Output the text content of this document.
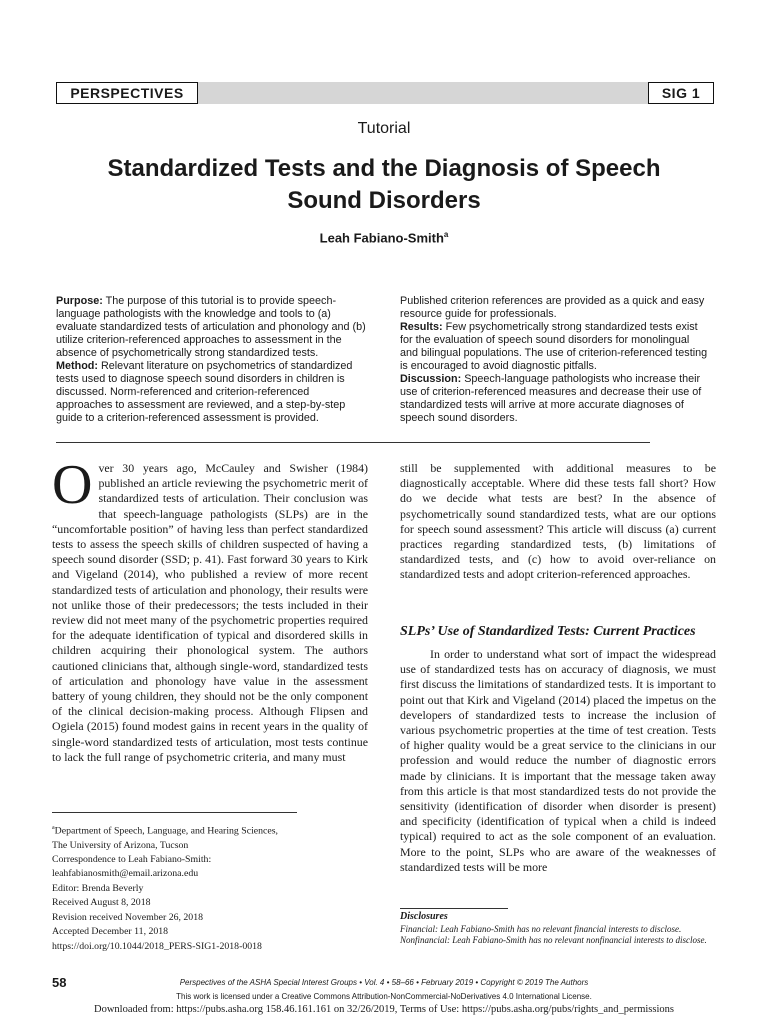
PERSPECTIVES	SIG 1
Tutorial
Standardized Tests and the Diagnosis of Speech Sound Disorders
Leah Fabiano-Smith$^a$

Purpose: The purpose of this tutorial is to provide speech-language pathologists with the knowledge and tools to (a) evaluate standardized tests of articulation and phonology and (b) utilize criterion-referenced approaches to assessment in the absence of psychometrically strong standardized tests.

Method: Relevant literature on psychometrics of standardized tests used to diagnose speech sound disorders in children is discussed. Norm-referenced and criterion-referenced approaches to assessment are reviewed, and a step-by-step guide to a criterion-referenced assessment is provided.

Published criterion references are provided as a quick and easy resource guide for professionals.

Results: Few psychometrically strong standardized tests exist for the evaluation of speech sound disorders for monolingual and bilingual populations. The use of criterion-referenced testing is encouraged to avoid diagnostic pitfalls.

Discussion: Speech-language pathologists who increase their use of criterion-referenced measures and decrease their use of standardized tests will arrive at more accurate diagnoses of speech sound disorders.

Over 30 years ago, McCauley and Swisher (1984) published an article reviewing the psychometric merit of standardized tests of articulation. Their conclusion was that speech-language pathologists (SLPs) are in the “uncomfortable position” of having less than perfect standardized tests to assess the speech skills of children suspected of having a speech sound disorder (SSD; p. 41). Fast forward 30 years to Kirk and Vigeland (2014), who published a review of more recent standardized tests of articulation and phonology, their results were not unlike those of their predecessors; the tests included in their review did not meet many of the psychometric properties required for the adequate identification of typical and disordered skills in children acquiring their phonological system. The authors cautioned clinicians that, although single-word, standardized tests of articulation and phonology have value in the assessment battery of young children, they should not be the only component of the clinical decision-making process. Although Flipsen and Ogiela (2015) found modest gains in recent years in the quality of single-word standardized tests of articulation, most tests continue to lack the full range of psychometric criteria, and many must

still be supplemented with additional measures to be diagnostically acceptable. Where did these tests fall short? How do we decide what tests are best? In the absence of psychometrically sound standardized tests, what are our options for speech sound assessment? This article will discuss (a) current practices regarding standardized tests, (b) limitations of standardized tests, and (c) how to avoid over-reliance on standardized tests and adopt criterion-referenced approaches.

SLPs’ Use of Standardized Tests: Current Practices

In order to understand what sort of impact the widespread use of standardized tests has on accuracy of diagnosis, we must first discuss the limitations of standardized tests. It is important to point out that Kirk and Vigeland (2014) placed the impetus on the developers of standardized tests to increase the inclusion of various psychometric properties at the time of test creation. Tests of higher quality would be a great service to the clinicians in our profession and would reduce the number of diagnostic errors made by clinicians. It is important that the message taken away from this article is that most standardized tests do not provide the sensitivity (identification of disorder when disorder is present) and specificity (identification of typical when a child is indeed typical) required to act as the sole component of an evaluation. More to the point, SLPs who are aware of the weaknesses of standardized tests will be more

$^a$Department of Speech, Language, and Hearing Sciences,

The University of Arizona, Tucson

Correspondence to Leah Fabiano-Smith:

leahfabianosmith@email.arizona.edu

Editor: Brenda Beverly

Received August 8, 2018

Revision received November 26, 2018

Accepted December 11, 2018

https://doi.org/10.1044/2018_PERS-SIG1-2018-0018

Disclosures

Financial: Leah Fabiano-Smith has no relevant financial interests to disclose.

Nonfinancial: Leah Fabiano-Smith has no relevant nonfinancial interests to disclose.

58	Perspectives of the ASHA Special Interest Groups • Vol. 4 • 58–66 • February 2019 • Copyright © 2019 The Authors
This work is licensed under a Creative Commons Attribution-NonCommercial-NoDerivatives 4.0 International License.
Downloaded from: https://pubs.asha.org 158.46.161.161 on 32/26/2019, Terms of Use: https://pubs.asha.org/pubs/rights_and_permissions
